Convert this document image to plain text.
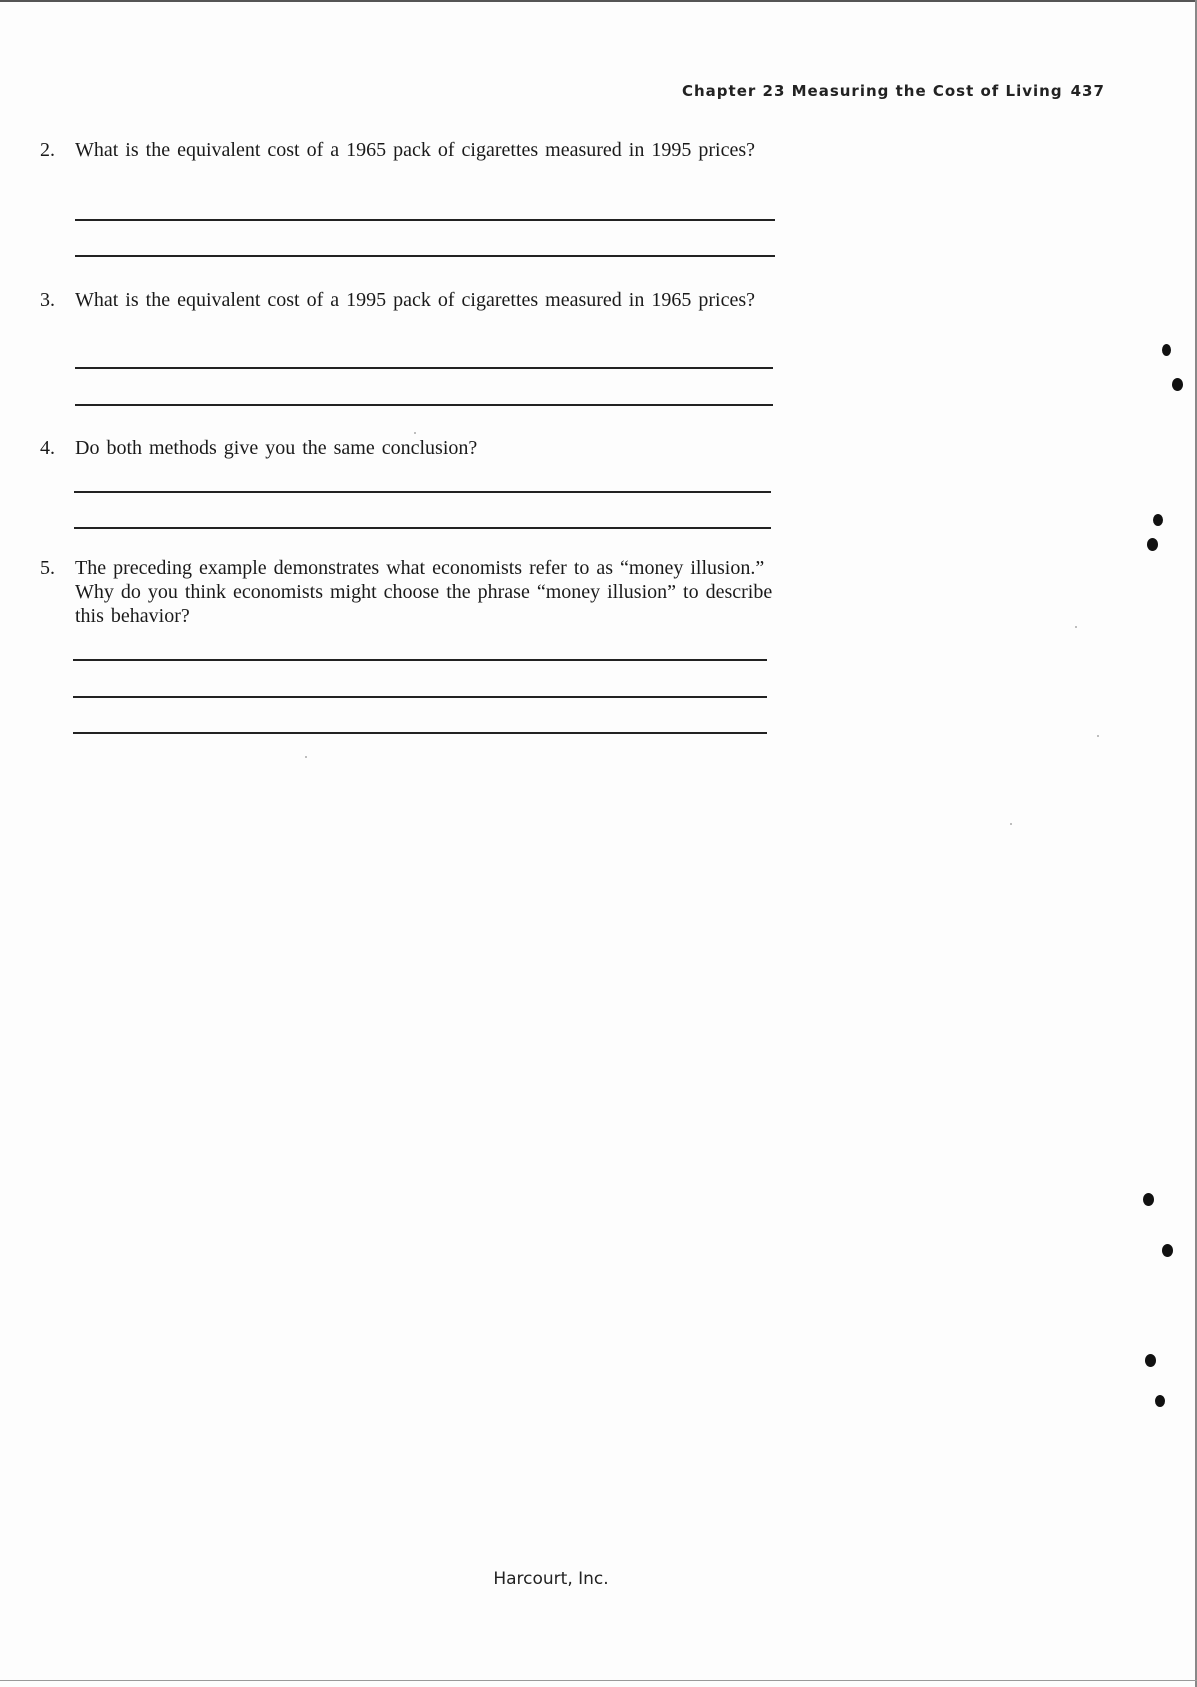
Chapter 23 Measuring the Cost of Living 437
2.	What is the equivalent cost of a 1965 pack of cigarettes measured in 1995 prices?
3.	What is the equivalent cost of a 1995 pack of cigarettes measured in 1965 prices?
4.	Do both methods give you the same conclusion?
5.	The preceding example demonstrates what economists refer to as “money illusion.” Why do you think economists might choose the phrase “money illusion” to describe this behavior?
Harcourt, Inc.
